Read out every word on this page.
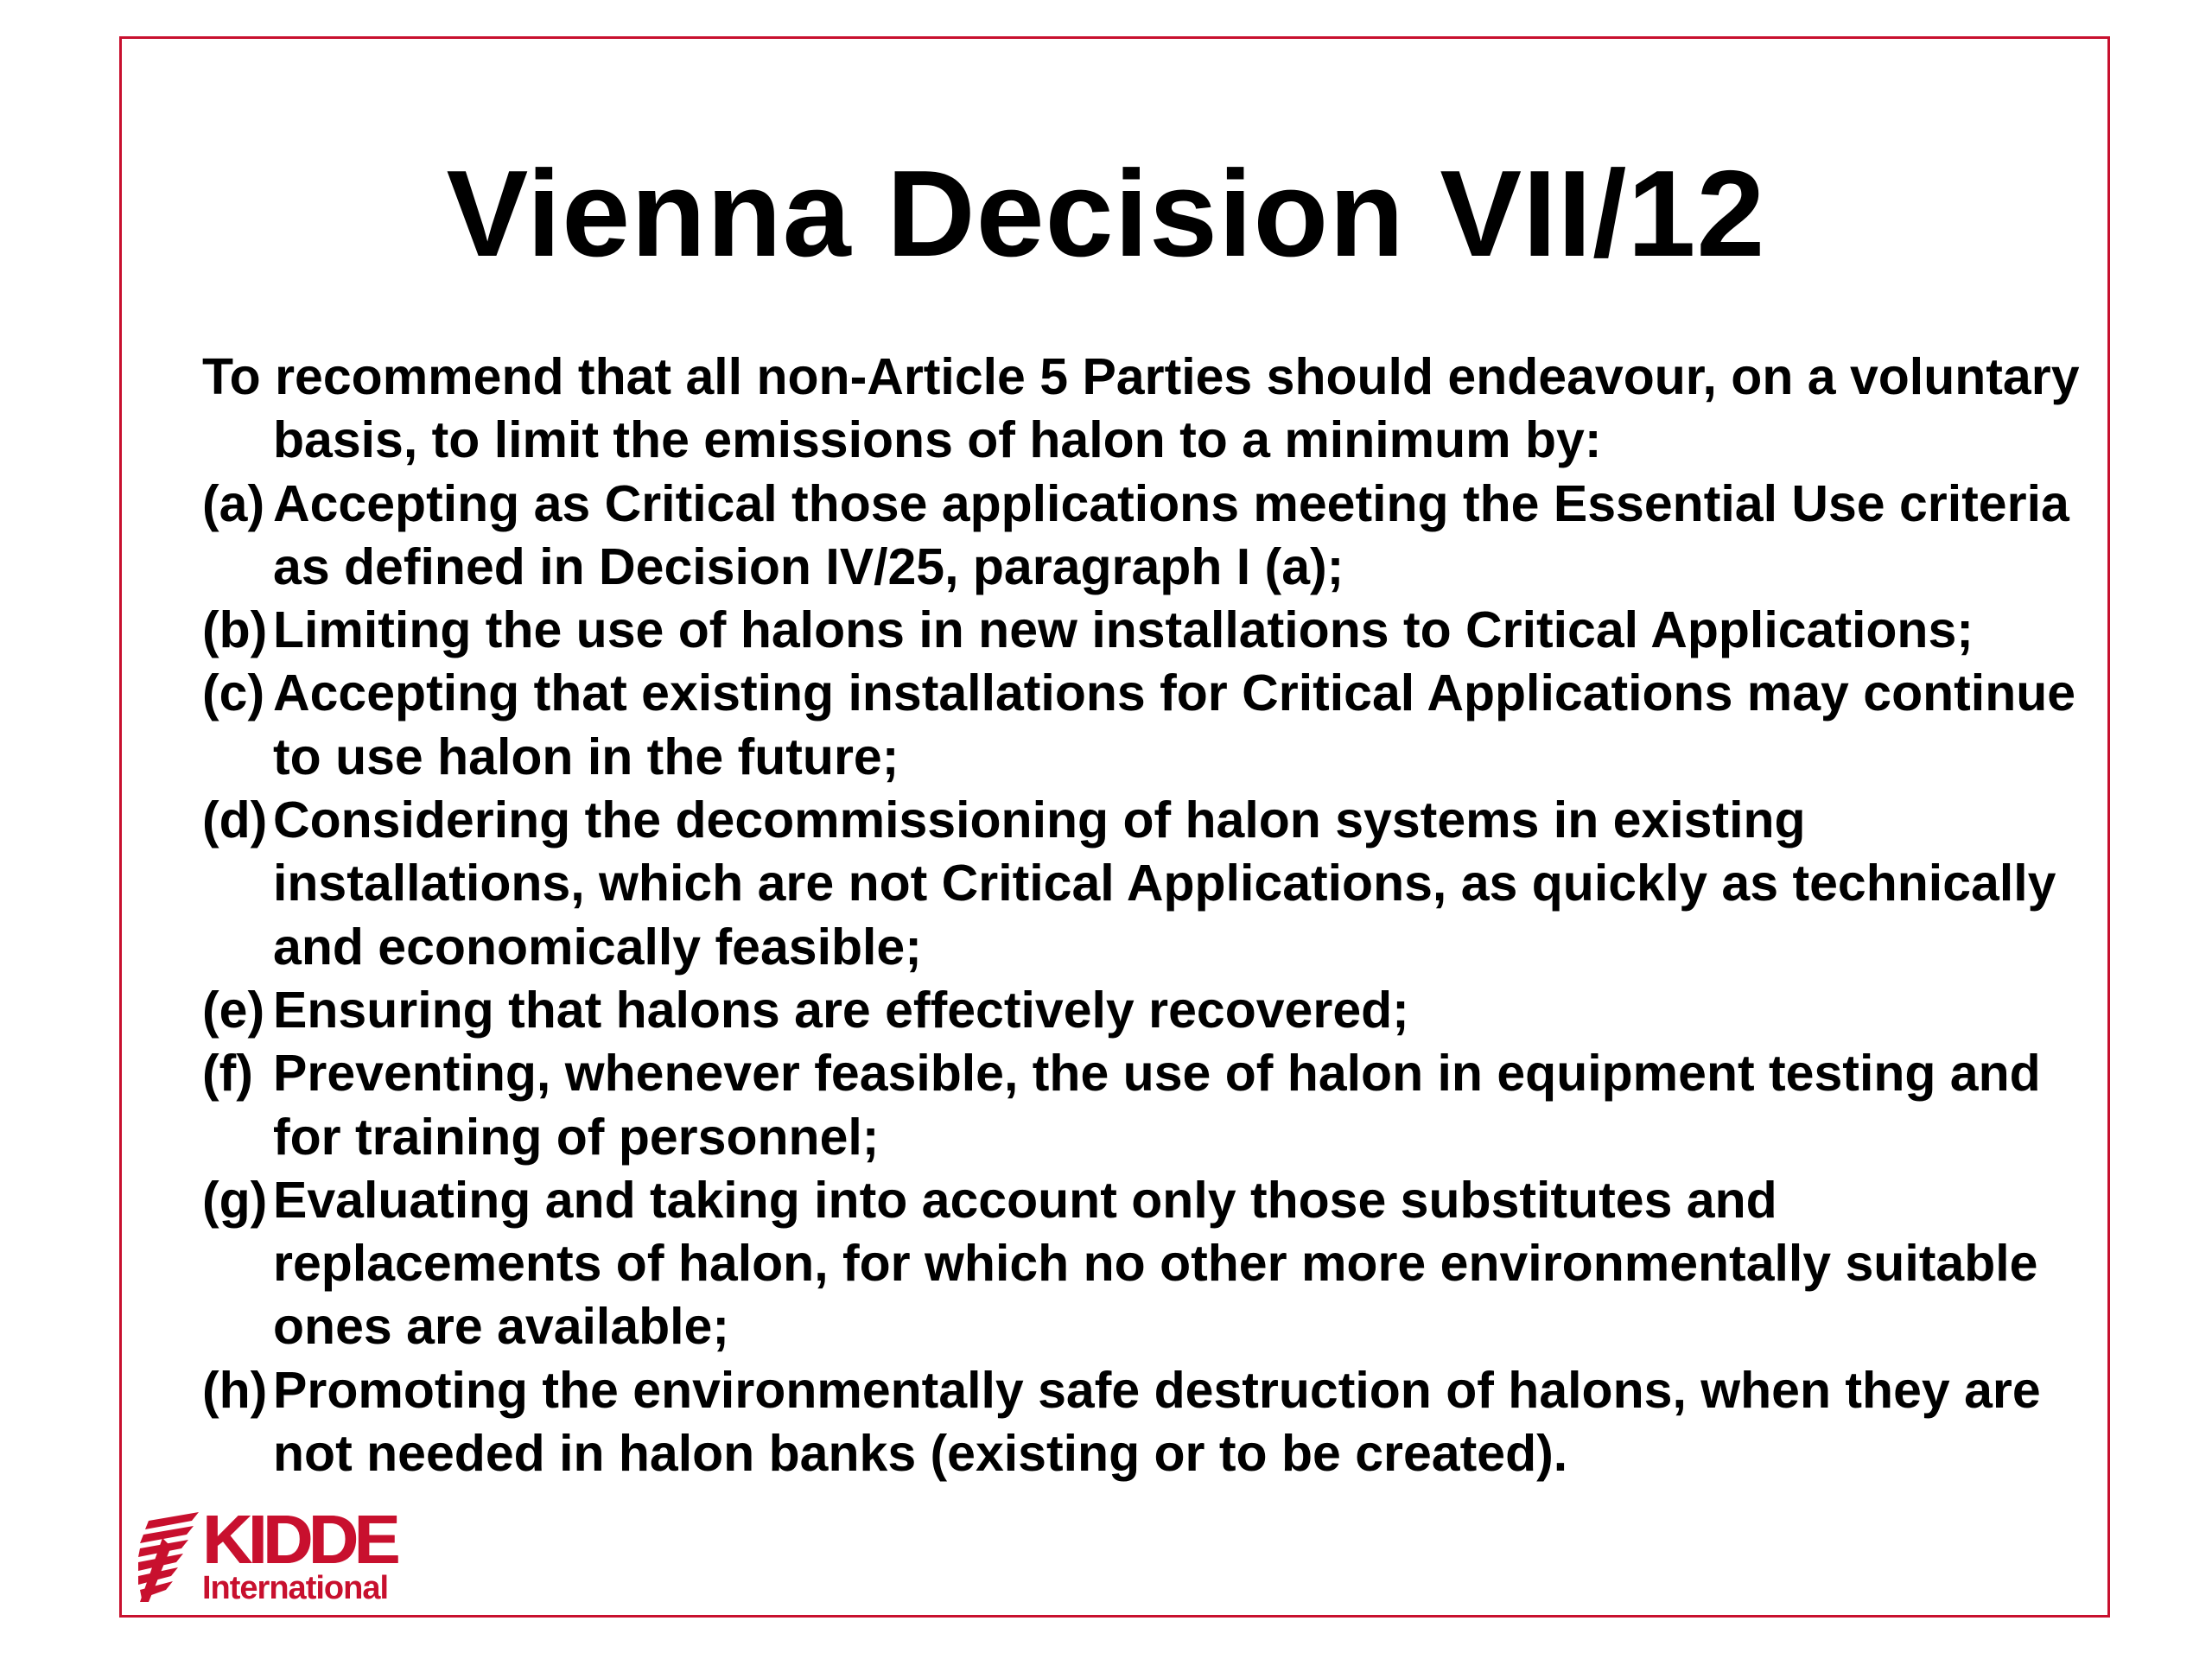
Vienna Decision VII/12

To recommend that all non-Article 5 Parties should endeavour, on a voluntary basis, to limit the emissions of halon to a minimum by:

(a) Accepting as Critical those applications meeting the Essential Use criteria as defined in Decision IV/25, paragraph I (a);
(b) Limiting the use of halons in new installations to Critical Applications;
(c) Accepting that existing installations for Critical Applications may continue to use halon in the future;
(d) Considering the decommissioning of halon systems in existing installations, which are not Critical Applications, as quickly as technically and economically feasible;
(e) Ensuring that halons are effectively recovered;
(f) Preventing, whenever feasible, the use of halon in equipment testing and for training of personnel;
(g) Evaluating and taking into account only those substitutes and replacements of halon, for which no other more environmentally suitable ones are available;
(h) Promoting the environmentally safe destruction of halons, when they are not needed in halon banks (existing or to be created).
KIDDE
International
